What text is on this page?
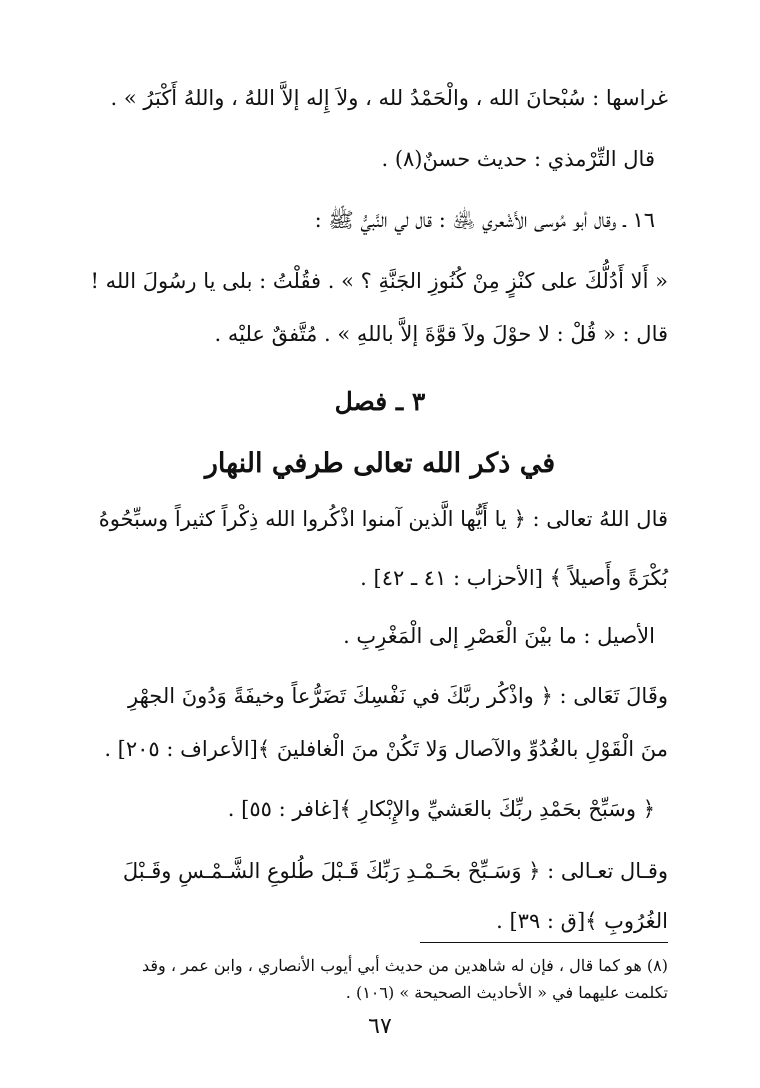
غراسها : سُبْحانَ الله ، والْحَمْدُ لله ، ولاَ إِله إلاَّ اللهُ ، واللهُ أَكْبَرُ » .
قال التِّرْمذي : حديث حسنٌ(٨) .
١٦ ـ وقال أبو مُوسى الأَشْعري ﵁ : قال لي النَّبيُّ ﷺ :
« أَلا أَدُلُّكَ على كنْزٍ مِنْ كُنُوزِ الجَنَّةِ ؟ » . فقُلْتُ : بلى يا رسُولَ الله !
قال : « قُلْ : لا حوْلَ ولاَ قوَّةَ إلاَّ باللهِ » . مُتَّفقٌ عليْه .
٣ ـ فصل
في ذكر الله تعالى طرفي النهار
قال اللهُ تعالى : ﴿ يا أَيُّها الَّذين آمنوا اذْكُروا الله ذِكْراً كثيراً وسبِّحُوهُ
بُكْرَةً وأَصيلاً ﴾ [الأحزاب : ٤١ ـ ٤٢] .
الأصيل : ما بيْنَ الْعَصْرِ إلى الْمَغْرِبِ .
وقَالَ تَعَالى : ﴿ واذْكُر ربَّكَ في نَفْسِكَ تَضَرُّعاً وخيفَةً وَدُونَ الجهْرِ
منَ الْقَوْلِ بالغُدُوِّ والآصال وَلا تَكُنْ منَ الْغافلينَ ﴾[الأعراف : ٢٠٥] .
﴿ وسَبِّحْ بحَمْدِ ربِّكَ بالعَشيِّ والإِبْكارِ ﴾[غافر : ٥٥] .
وقـال تعـالى : ﴿ وَسَـبِّحْ بحَـمْـدِ رَبِّكَ قَـبْلَ طُلوعِ الشَّـمْـسِ وقَـبْلَ
الغُرُوبِ ﴾[ق : ٣٩] .
(٨) هو كما قال ، فإن له شاهدين من حديث أبي أيوب الأنصاري ، وابن عمر ، وقد
تكلمت عليهما في « الأحاديث الصحيحة » (١٠٦) .
٦٧
